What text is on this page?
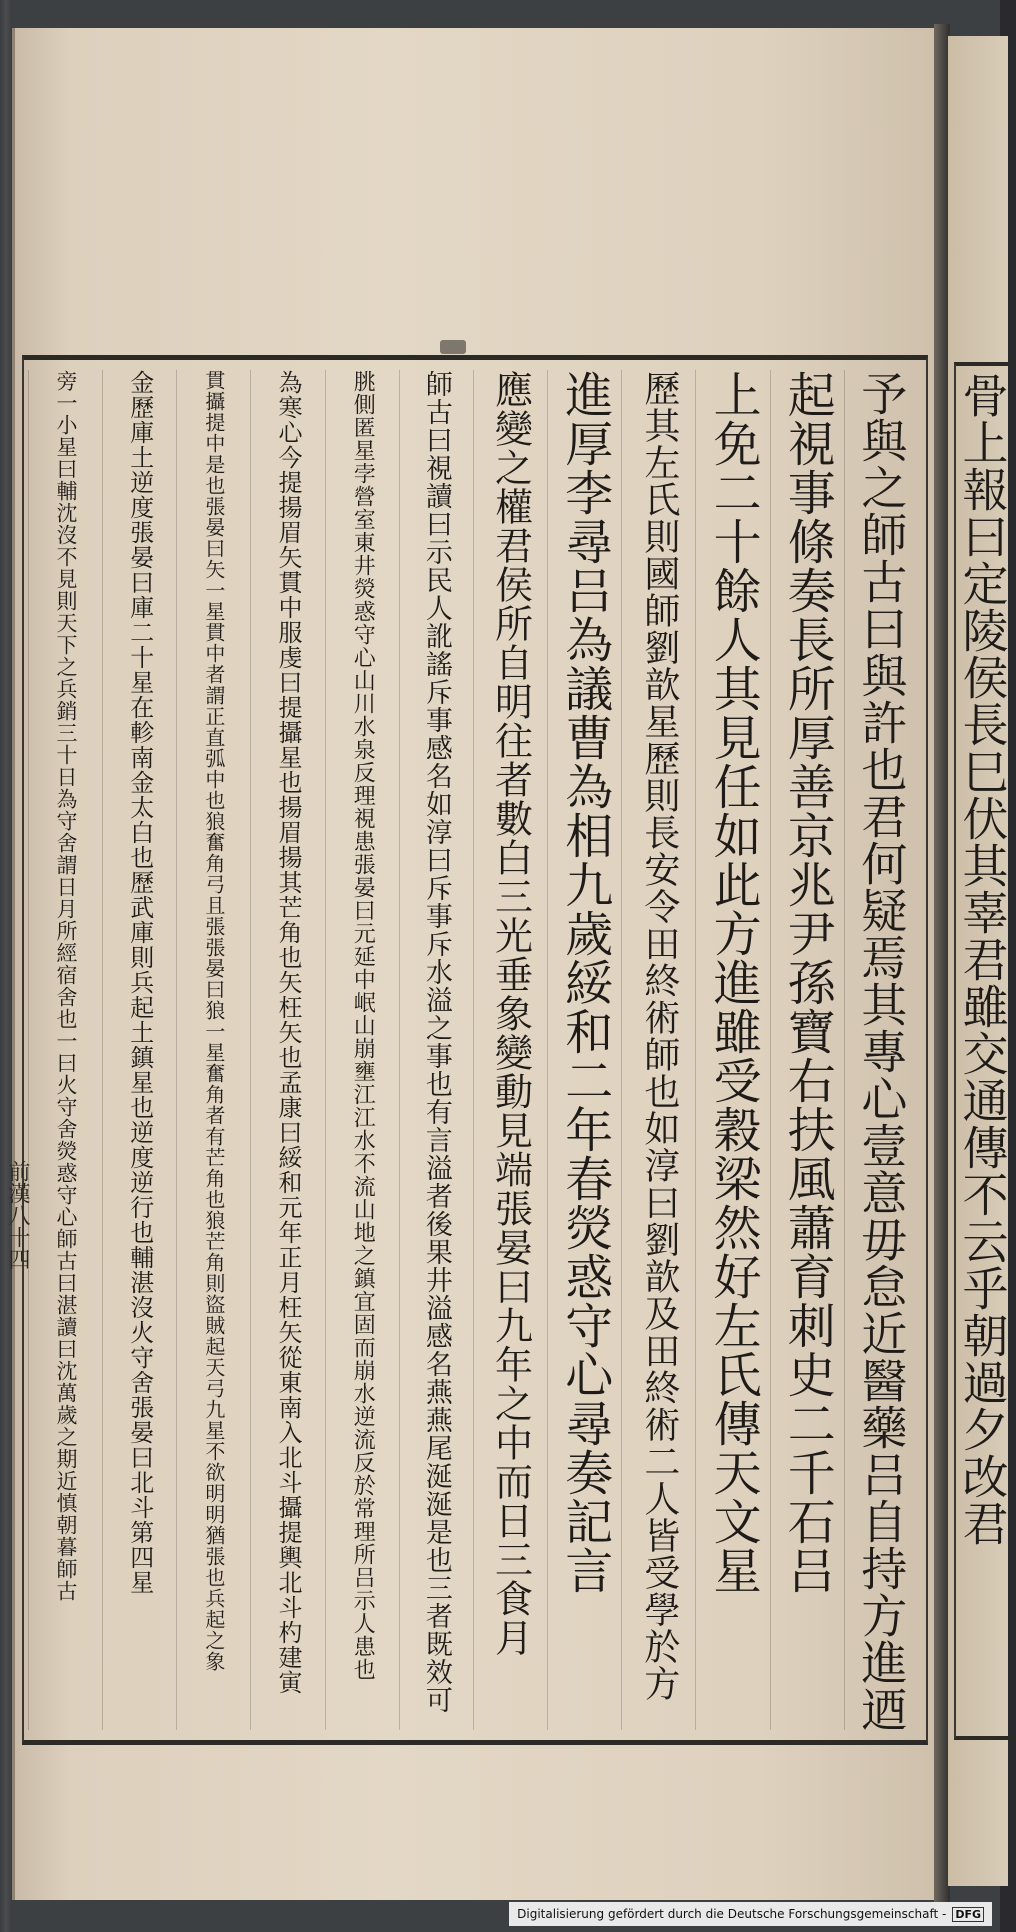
予與之師古曰與許也君何疑焉其專心壹意毋怠近醫藥吕自持方進迺
起視事條奏長所厚善京兆尹孫寶右扶風蕭育刺史二千石吕
上免二十餘人其見任如此方進雖受穀梁然好左氏傳天文星
歷其左氏則國師劉歆星歷則長安令田終術師也如淳曰劉歆及田終術二人皆受學於方
進厚李尋吕為議曹為相九歲綏和二年春熒惑守心尋奏記言
應變之權君侯所自明往者數白三光垂象變動見端張晏曰九年之中而日三食月
師古曰視讀曰示民人訛謠斥事感名如淳曰斥事斥水溢之事也有言溢者後果井溢感名燕燕尾涎涎是也三者既效可
朓側匿星孛營室東井熒惑守心山川水泉反理視患張晏曰元延中岷山崩壅江江水不流山地之鎮宜固而崩水逆流反於常理所吕示人患也
為寒心今提揚眉矢貫中服虔曰提攝星也揚眉揚其芒角也矢枉矢也孟康曰綏和元年正月枉矢從東南入北斗攝提輿北斗杓建寅
貫攝提中是也張晏曰矢一星貫中者謂正直弧中也狼奮角弓且張張晏曰狼一星奮角者有芒角也狼芒角則盜賊起天弓九星不欲明明猶張也兵起之象
金歷庫土逆度張晏曰庫二十星在軫南金太白也歷武庫則兵起土鎮星也逆度逆行也輔湛沒火守舍張晏曰北斗第四星
旁一小星曰輔沈沒不見則天下之兵銷三十日為守舍謂日月所經宿舍也一曰火守舍熒惑守心師古曰湛讀曰沈萬歲之期近慎朝暮師古	骨上報曰定陵侯長巳伏其辜君雖交通傳不云乎朝過夕改君
前漢八十四
Digitalisierung gefördert durch die Deutsche Forschungsgemeinschaft - DFG
